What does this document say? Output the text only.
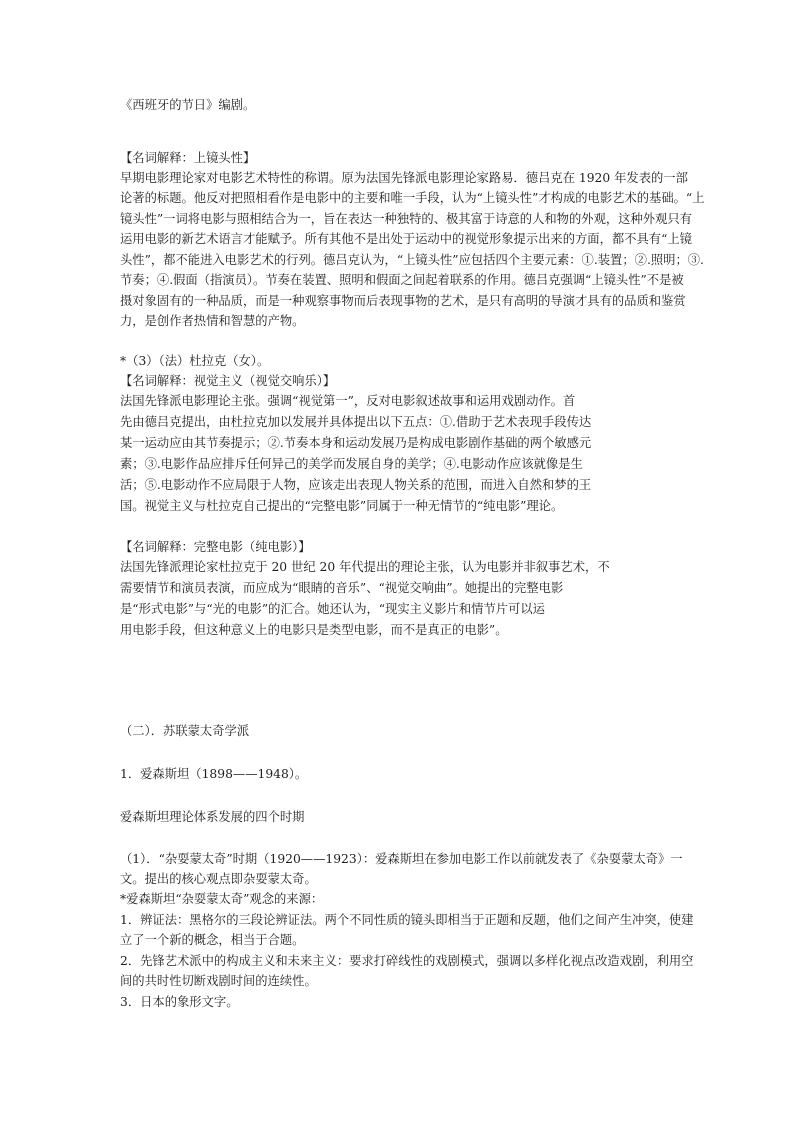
《西班牙的节日》编剧。
【名词解释：上镜头性】
早期电影理论家对电影艺术特性的称谓。原为法国先锋派电影理论家路易．德吕克在 1920 年发表的一部
论著的标题。他反对把照相看作是电影中的主要和唯一手段，认为“上镜头性”才构成的电影艺术的基础。“上
镜头性”一词将电影与照相结合为一，旨在表达一种独特的、极其富于诗意的人和物的外观，这种外观只有
运用电影的新艺术语言才能赋予。所有其他不是出处于运动中的视觉形象提示出来的方面，都不具有“上镜
头性”，都不能进入电影艺术的行列。德吕克认为，“上镜头性”应包括四个主要元素：①.装置；②.照明；③.
节奏；④.假面（指演员）。节奏在装置、照明和假面之间起着联系的作用。德吕克强调“上镜头性”不是被
摄对象固有的一种品质，而是一种观察事物而后表现事物的艺术，是只有高明的导演才具有的品质和鉴赏
力，是创作者热情和智慧的产物。
*（3）（法）杜拉克（女）。
【名词解释：视觉主义（视觉交响乐）】
法国先锋派电影理论主张。强调“视觉第一”，反对电影叙述故事和运用戏剧动作。首
先由德吕克提出，由杜拉克加以发展并具体提出以下五点：①.借助于艺术表现手段传达
某一运动应由其节奏提示；②.节奏本身和运动发展乃是构成电影剧作基础的两个敏感元
素；③.电影作品应排斥任何异己的美学而发展自身的美学；④.电影动作应该就像是生
活；⑤.电影动作不应局限于人物，应该走出表现人物关系的范围，而进入自然和梦的王
国。视觉主义与杜拉克自己提出的“完整电影”同属于一种无情节的“纯电影”理论。
【名词解释：完整电影（纯电影）】
法国先锋派理论家杜拉克于 20 世纪 20 年代提出的理论主张，认为电影并非叙事艺术，不
需要情节和演员表演，而应成为“眼睛的音乐”、“视觉交响曲”。她提出的完整电影
是“形式电影”与“光的电影”的汇合。她还认为，“现实主义影片和情节片可以运
用电影手段，但这种意义上的电影只是类型电影，而不是真正的电影”。
（二）．苏联蒙太奇学派
1．爱森斯坦（1898——1948）。
爱森斯坦理论体系发展的四个时期
（1）．“杂耍蒙太奇”时期（1920——1923）：爱森斯坦在参加电影工作以前就发表了《杂耍蒙太奇》一
文。提出的核心观点即杂耍蒙太奇。
*爱森斯坦“杂耍蒙太奇”观念的来源：
1．辨证法：黑格尔的三段论辨证法。两个不同性质的镜头即相当于正题和反题，他们之间产生冲突，使建
立了一个新的概念，相当于合题。
2．先锋艺术派中的构成主义和未来主义：要求打碎线性的戏剧模式，强调以多样化视点改造戏剧，利用空
间的共时性切断戏剧时间的连续性。
3．日本的象形文字。
